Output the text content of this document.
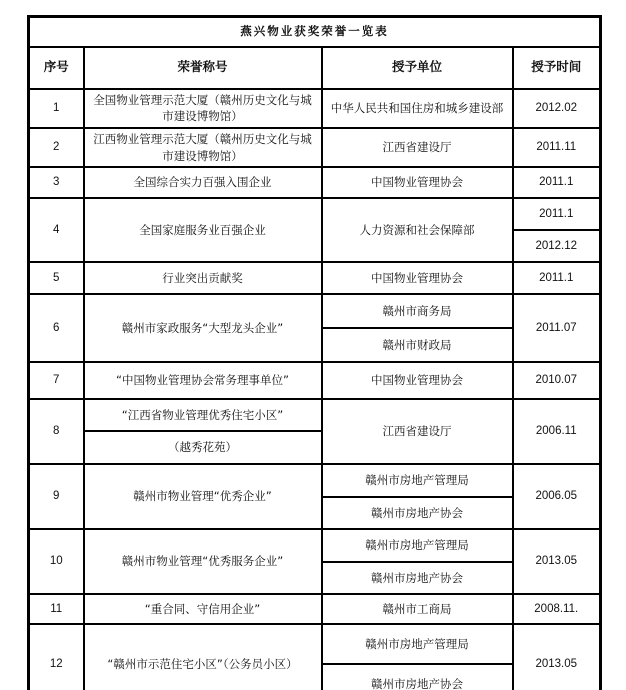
燕兴物业获奖荣誉一览表			
序号	荣誉称号	授予单位	授予时间
1	全国物业管理示范大厦（赣州历史文化与城市建设博物馆）	中华人民共和国住房和城乡建设部	2012.02
2	江西物业管理示范大厦（赣州历史文化与城市建设博物馆）	江西省建设厅	2011.11
3	全国综合实力百强入围企业	中国物业管理协会	2011.1
4	全国家庭服务业百强企业	人力资源和社会保障部	2011.1
			2012.12
5	行业突出贡献奖	中国物业管理协会	2011.1
6	赣州市家政服务“大型龙头企业”	赣州市商务局	2011.07
		赣州市财政局	
7	“中国物业管理协会常务理事单位”	中国物业管理协会	2010.07
8	“江西省物业管理优秀住宅小区”	江西省建设厅	2006.11
	（越秀花苑）		
9	赣州市物业管理“优秀企业”	赣州市房地产管理局	2006.05
		赣州市房地产协会	
10	赣州市物业管理“优秀服务企业”	赣州市房地产管理局	2013.05
		赣州市房地产协会	
11	“重合同、守信用企业”	赣州市工商局	2008.11.
12	“赣州市示范住宅小区”（公务员小区）	赣州市房地产管理局	2013.05
		赣州市房地产协会	
